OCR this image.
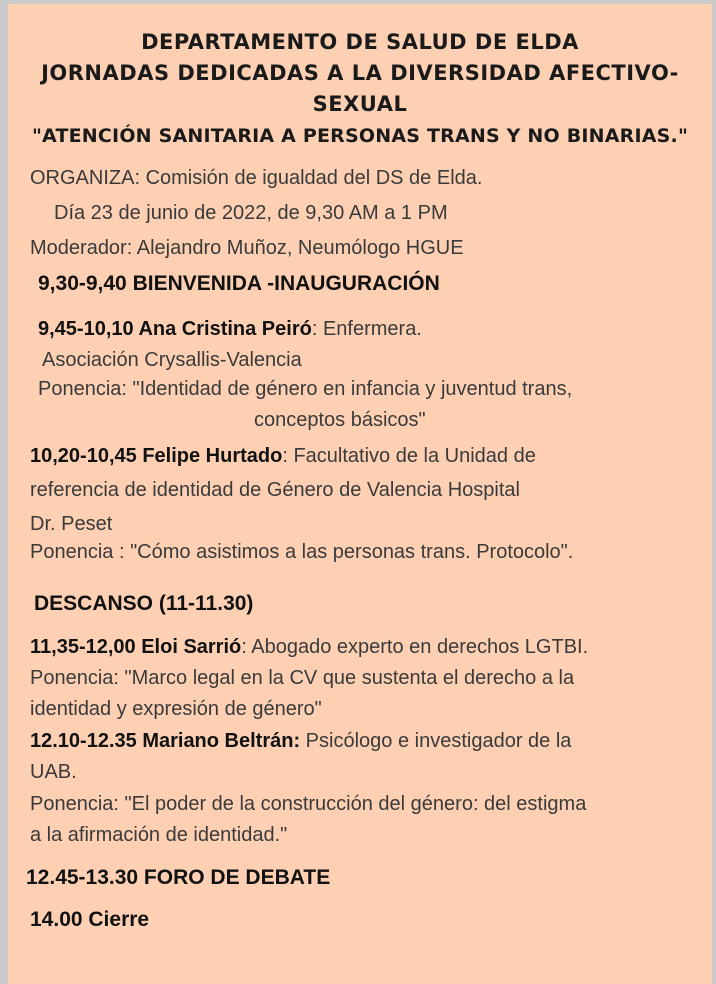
DEPARTAMENTO DE SALUD DE ELDA
JORNADAS DEDICADAS A LA DIVERSIDAD AFECTIVO-
SEXUAL
"ATENCIÓN SANITARIA A PERSONAS TRANS Y NO BINARIAS."
ORGANIZA: Comisión de igualdad del DS de Elda.
Día 23 de junio de 2022, de 9,30 AM a 1 PM
Moderador: Alejandro Muñoz, Neumólogo HGUE
9,30-9,40 BIENVENIDA -INAUGURACIÓN
9,45-10,10 Ana Cristina Peiró: Enfermera.
Asociación Crysallis-Valencia
Ponencia: "Identidad de género en infancia y juventud trans,
conceptos básicos"
10,20-10,45 Felipe Hurtado: Facultativo de la Unidad de
referencia de identidad de Género de Valencia Hospital
Dr. Peset
Ponencia : "Cómo asistimos a las personas trans. Protocolo".
DESCANSO (11-11.30)
11,35-12,00 Eloi Sarrió: Abogado experto en derechos LGTBI.
Ponencia: "Marco legal en la CV que sustenta el derecho a la
identidad y expresión de género"
12.10-12.35 Mariano Beltrán: Psicólogo e investigador de la
UAB.
Ponencia: "El poder de la construcción del género: del estigma
a la afirmación de identidad."
12.45-13.30 FORO DE DEBATE
14.00 Cierre
